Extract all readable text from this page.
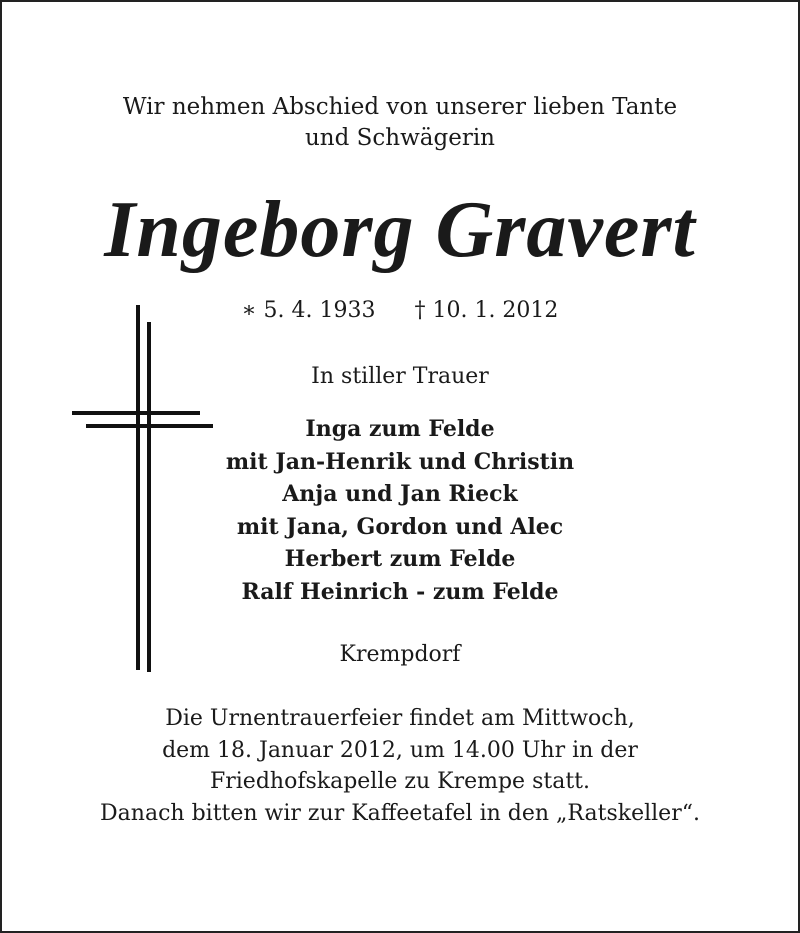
Wir nehmen Abschied von unserer lieben Tante
und Schwägerin
Ingeborg Gravert
∗ 5. 4. 1933 † 10. 1. 2012
In stiller Trauer
Inga zum Felde
mit Jan-Henrik und Christin
Anja und Jan Rieck
mit Jana, Gordon und Alec
Herbert zum Felde
Ralf Heinrich - zum Felde
Krempdorf
Die Urnentrauerfeier findet am Mittwoch,
dem 18. Januar 2012, um 14.00 Uhr in der
Friedhofskapelle zu Krempe statt.
Danach bitten wir zur Kaffeetafel in den „Ratskeller“.
